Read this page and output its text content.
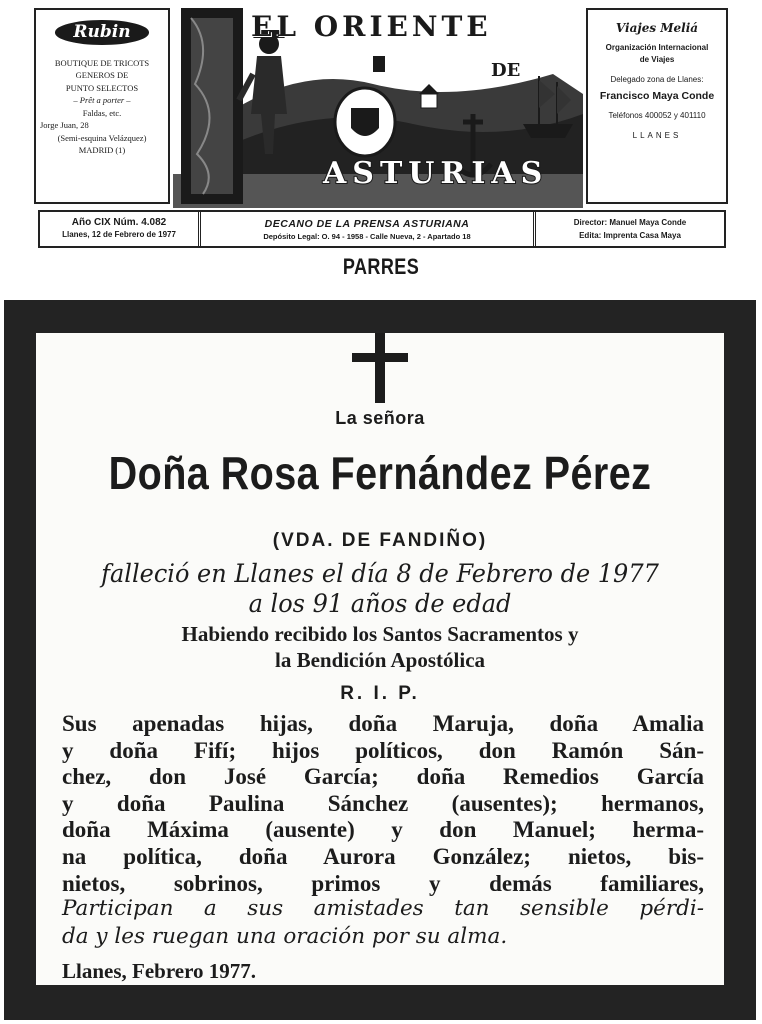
Rubin
BOUTIQUE DE TRICOTS
GENEROS DE
PUNTO SELECTOS
– Prêt a porter –
Faldas, etc.
Jorge Juan, 28
(Semi-esquina Velázquez)
MADRID (1)
EL ORIENTE
DE
ASTURIAS
Viajes Meliá
Organización Internacional
de Viajes
Delegado zona de Llanes:
Francisco Maya Conde
Teléfonos 400052 y 401110
LLANES
Año CIX Núm. 4.082
Llanes, 12 de Febrero de 1977
DECANO DE LA PRENSA ASTURIANA
Depósito Legal: O. 94 - 1958 - Calle Nueva, 2 - Apartado 18
Director: Manuel Maya Conde
Edita: Imprenta Casa Maya
PARRES
La señora
Doña Rosa Fernández Pérez
(VDA. DE FANDIÑO)
falleció en Llanes el día 8 de Febrero de 1977
a los 91 años de edad
Habiendo recibido los Santos Sacramentos y
la Bendición Apostólica
R. I. P.
Sus apenadas hijas, doña Maruja, doña Amalia
y doña Fifí; hijos políticos, don Ramón Sán-
chez, don José García; doña Remedios García
y doña Paulina Sánchez (ausentes); hermanos,
doña Máxima (ausente) y don Manuel; herma-
na política, doña Aurora González; nietos, bis-
nietos, sobrinos, primos y demás familiares,
Participan a sus amistades tan sensible pérdi-
da y les ruegan una oración por su alma.
Llanes, Febrero 1977.
